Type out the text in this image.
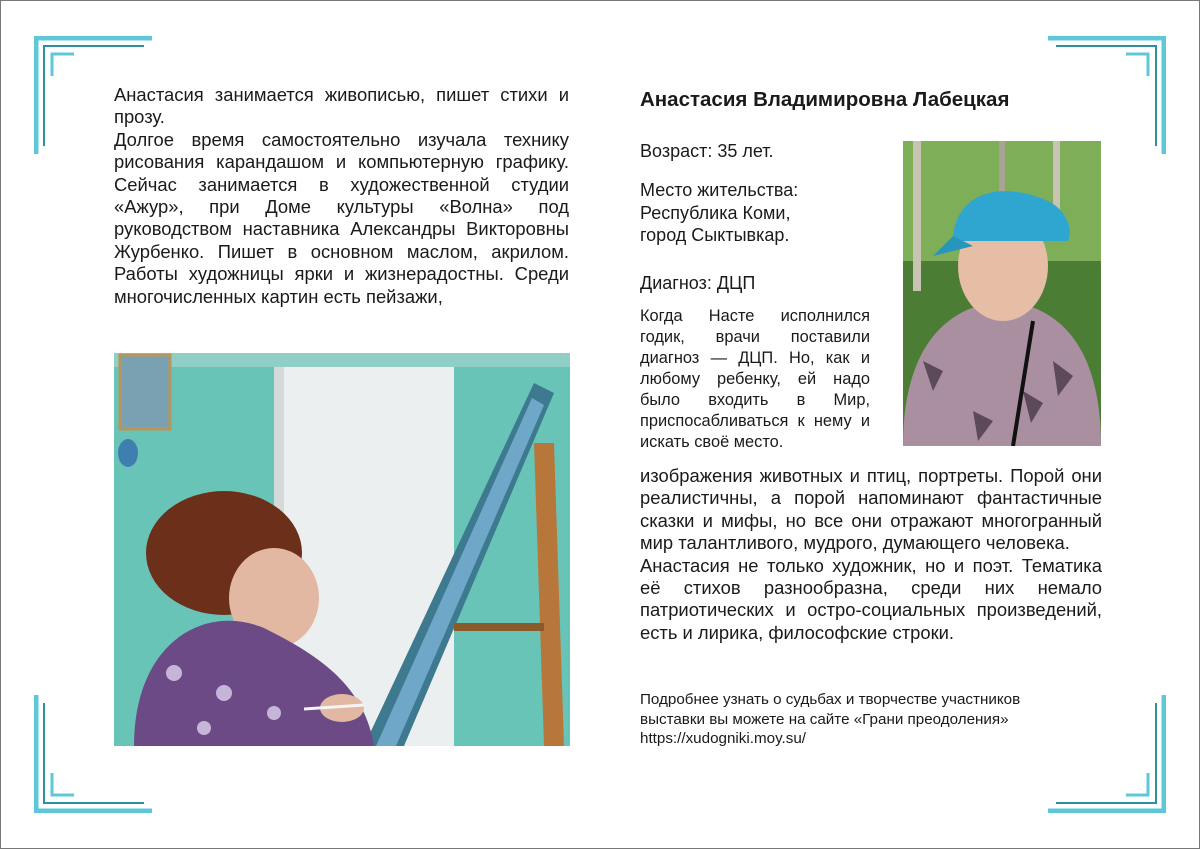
Анастасия занимается живописью, пишет стихи и прозу.

Долгое время самостоятельно изучала технику рисования карандашом и компьютерную графику. Сейчас занимается в художественной студии «Ажур», при Доме культуры «Волна» под руководством наставника Александры Викторовны Журбенко. Пишет в основном маслом, акрилом. Работы художницы ярки и жизнерадостны. Среди многочисленных картин есть пейзажи,

Анастасия Владимировна Лабецкая

Возраст: 35 лет.

Место жительства:
Республика Коми,
город Сыктывкар.

Диагноз: ДЦП

Когда Насте исполнился годик, врачи поставили диагноз — ДЦП. Но, как и любому ребенку, ей надо было входить в Мир, приспосабливаться к нему и искать своё место.

изображения животных и птиц, портреты. Порой они реалистичны, а порой напоминают фантастичные сказки и мифы, но все они отражают многогранный мир талантливого, мудрого, думающего человека.

Анастасия не только художник, но и поэт. Тематика её стихов разнообразна, среди них немало патриотических и остро-социальных произведений, есть и лирика, философские строки.

Подробнее узнать о судьбах и творчестве участников
выставки вы можете на сайте «Грани преодоления»
https://xudogniki.moy.su/
